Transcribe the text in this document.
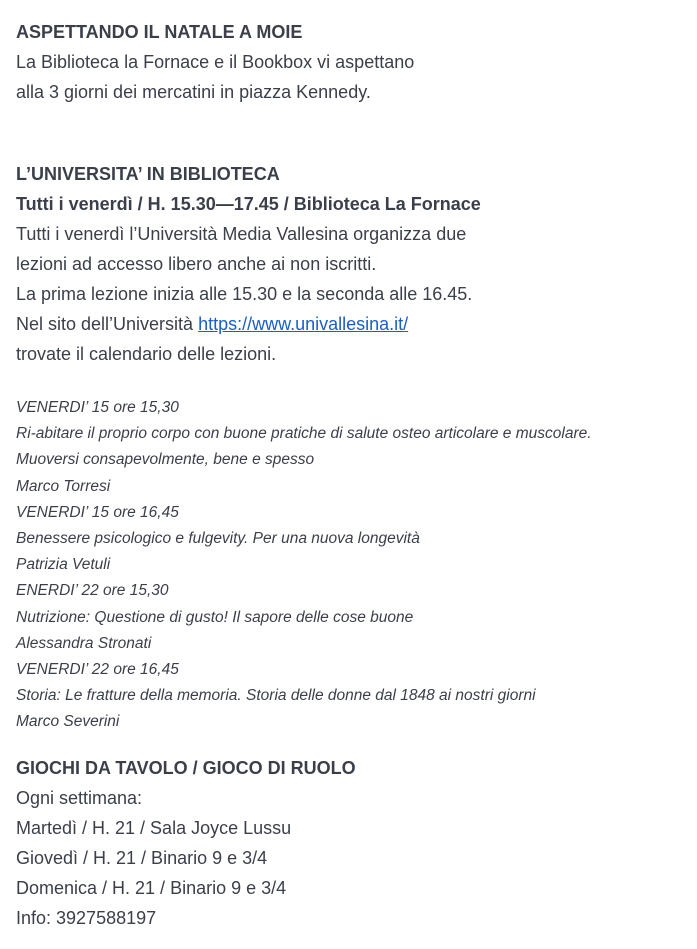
ASPETTANDO IL NATALE A MOIE
La Biblioteca la Fornace e il Bookbox vi aspettano
alla 3 giorni dei mercatini in piazza Kennedy.
L’UNIVERSITA’ IN BIBLIOTECA
Tutti i venerdì / H. 15.30—17.45 / Biblioteca La Fornace
Tutti i venerdì l’Università Media Vallesina organizza due
lezioni ad accesso libero anche ai non iscritti.
La prima lezione inizia alle 15.30 e la seconda alle 16.45.
Nel sito dell’Università https://www.univallesina.it/
trovate il calendario delle lezioni.
VENERDI’ 15 ore 15,30
Ri-abitare il proprio corpo con buone pratiche di salute osteo articolare e muscolare.
Muoversi consapevolmente, bene e spesso
Marco Torresi
VENERDI’ 15 ore 16,45
Benessere psicologico e fulgevity. Per una nuova longevità
Patrizia Vetuli
ENERDI’ 22 ore 15,30
Nutrizione: Questione di gusto! Il sapore delle cose buone
Alessandra Stronati
VENERDI’ 22 ore 16,45
Storia: Le fratture della memoria. Storia delle donne dal 1848 ai nostri giorni
Marco Severini
GIOCHI DA TAVOLO / GIOCO DI RUOLO
Ogni settimana:
Martedì / H. 21 / Sala Joyce Lussu
Giovedì / H. 21 / Binario 9 e 3/4
Domenica / H. 21 / Binario 9 e 3/4
Info: 3927588197
